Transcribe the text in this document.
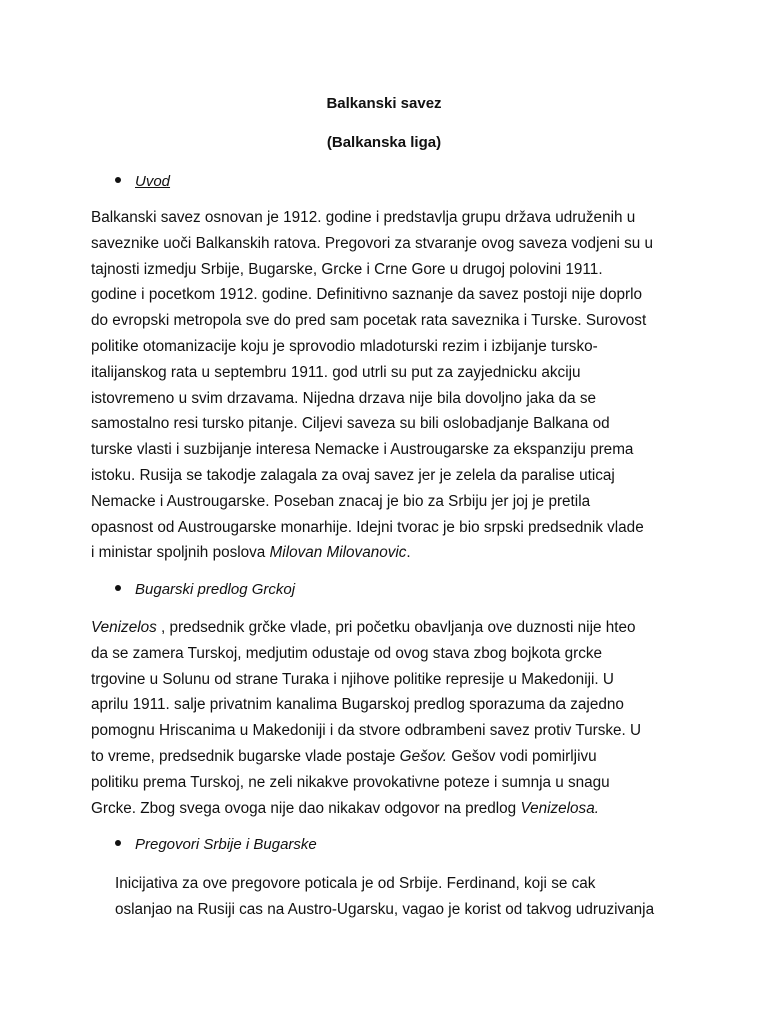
Balkanski savez
(Balkanska liga)
Uvod
Balkanski savez osnovan je 1912. godine i predstavlja grupu država udruženih u
saveznike uoči Balkanskih ratova. Pregovori za stvaranje ovog saveza vodjeni su u
tajnosti izmedju Srbije, Bugarske, Grcke i Crne Gore u drugoj polovini 1911.
godine i pocetkom 1912. godine. Definitivno saznanje da savez postoji nije doprlo
do evropski metropola sve do pred sam pocetak rata saveznika i Turske. Surovost
politike otomanizacije koju je sprovodio mladoturski rezim i izbijanje tursko-
italijanskog rata u septembru 1911. god utrli su put za zayjednicku akciju
istovremeno u svim drzavama. Nijedna drzava nije bila dovoljno jaka da se
samostalno resi tursko pitanje. Ciljevi saveza su bili oslobadjanje Balkana od
turske vlasti i suzbijanje interesa Nemacke i Austrougarske za ekspanziju prema
istoku. Rusija se takodje zalagala za ovaj savez jer je zelela da paralise uticaj
Nemacke i Austrougarske. Poseban znacaj je bio za Srbiju jer joj je pretila
opasnost od Austrougarske monarhije. Idejni tvorac je bio srpski predsednik vlade
i ministar spoljnih poslova Milovan Milovanovic.
Bugarski predlog Grckoj
Venizelos , predsednik grčke vlade, pri početku obavljanja ove duznosti nije hteo
da se zamera Turskoj, medjutim odustaje od ovog stava zbog bojkota grcke
trgovine u Solunu od strane Turaka i njihove politike represije u Makedoniji. U
aprilu 1911. salje privatnim kanalima Bugarskoj predlog sporazuma da zajedno
pomognu Hriscanima u Makedoniji i da stvore odbrambeni savez protiv Turske. U
to vreme, predsednik bugarske vlade postaje Gešov. Gešov vodi pomirljivu
politiku prema Turskoj, ne zeli nikakve provokativne poteze i sumnja u snagu
Grcke. Zbog svega ovoga nije dao nikakav odgovor na predlog Venizelosa.
Pregovori Srbije i Bugarske
Inicijativa za ove pregovore poticala je od Srbije. Ferdinand, koji se cak
oslanjao na Rusiji cas na Austro-Ugarsku, vagao je korist od takvog udruzivanja
